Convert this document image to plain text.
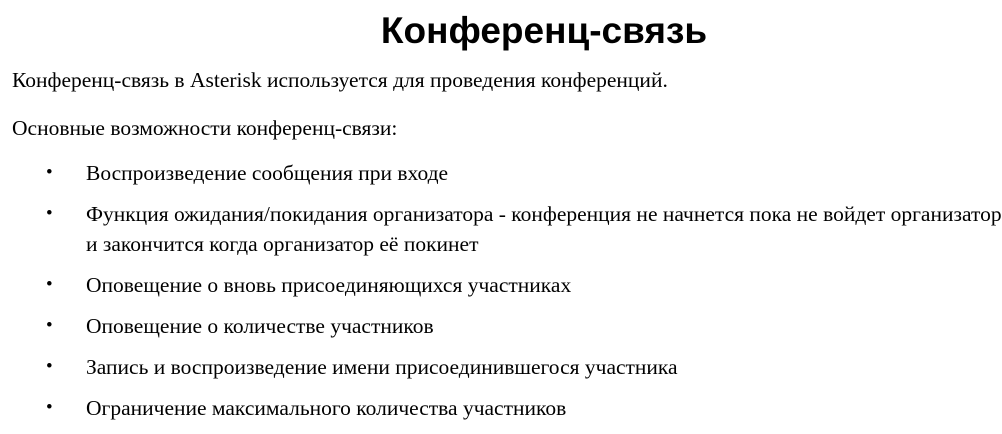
Конференц-связь

Конференц-связь в Asterisk используется для проведения конференций.

Основные возможности конференц-связи:

• Воспроизведение сообщения при входе
• Функция ожидания/покидания организатора - конференция не начнется пока не войдет организатор и закончится когда организатор её покинет
• Оповещение о вновь присоединяющихся участниках
• Оповещение о количестве участников
• Запись и воспроизведение имени присоединившегося участника
• Ограничение максимального количества участников
